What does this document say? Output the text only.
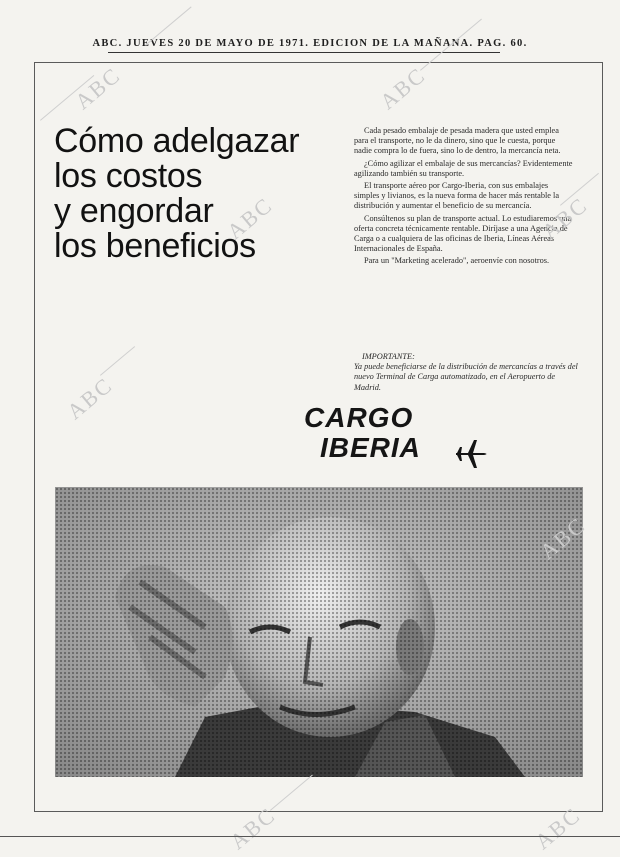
ABC. JUEVES 20 DE MAYO DE 1971. EDICION DE LA MAÑANA. PAG. 60.
Cómo adelgazar
los costos
y engordar
los beneficios

Cada pesado embalaje de pesada madera que usted emplea para el transporte, no le da dinero, sino que le cuesta, porque nadie compra lo de fuera, sino lo de dentro, la mercancía neta.

¿Cómo agilizar el embalaje de sus mercancías? Evidentemente agilizando también su transporte.

El transporte aéreo por Cargo-Iberia, con sus embalajes simples y livianos, es la nueva forma de hacer más rentable la distribución y aumentar el beneficio de su mercancía.

Consúltenos su plan de transporte actual. Lo estudiaremos una oferta concreta técnicamente rentable. Diríjase a una Agencia de Carga o a cualquiera de las oficinas de Iberia, Líneas Aéreas Internacionales de España.

Para un "Marketing acelerado", aeroenvíe con nosotros.

IMPORTANTE:
Ya puede beneficiarse de la distribución de mercancías a través del nuevo Terminal de Carga automatizado, en el Aeropuerto de Madrid.
CARGO
IBERIA
ABC	ABC
ABC	ABC
ABC
ABC
ABC	ABC
